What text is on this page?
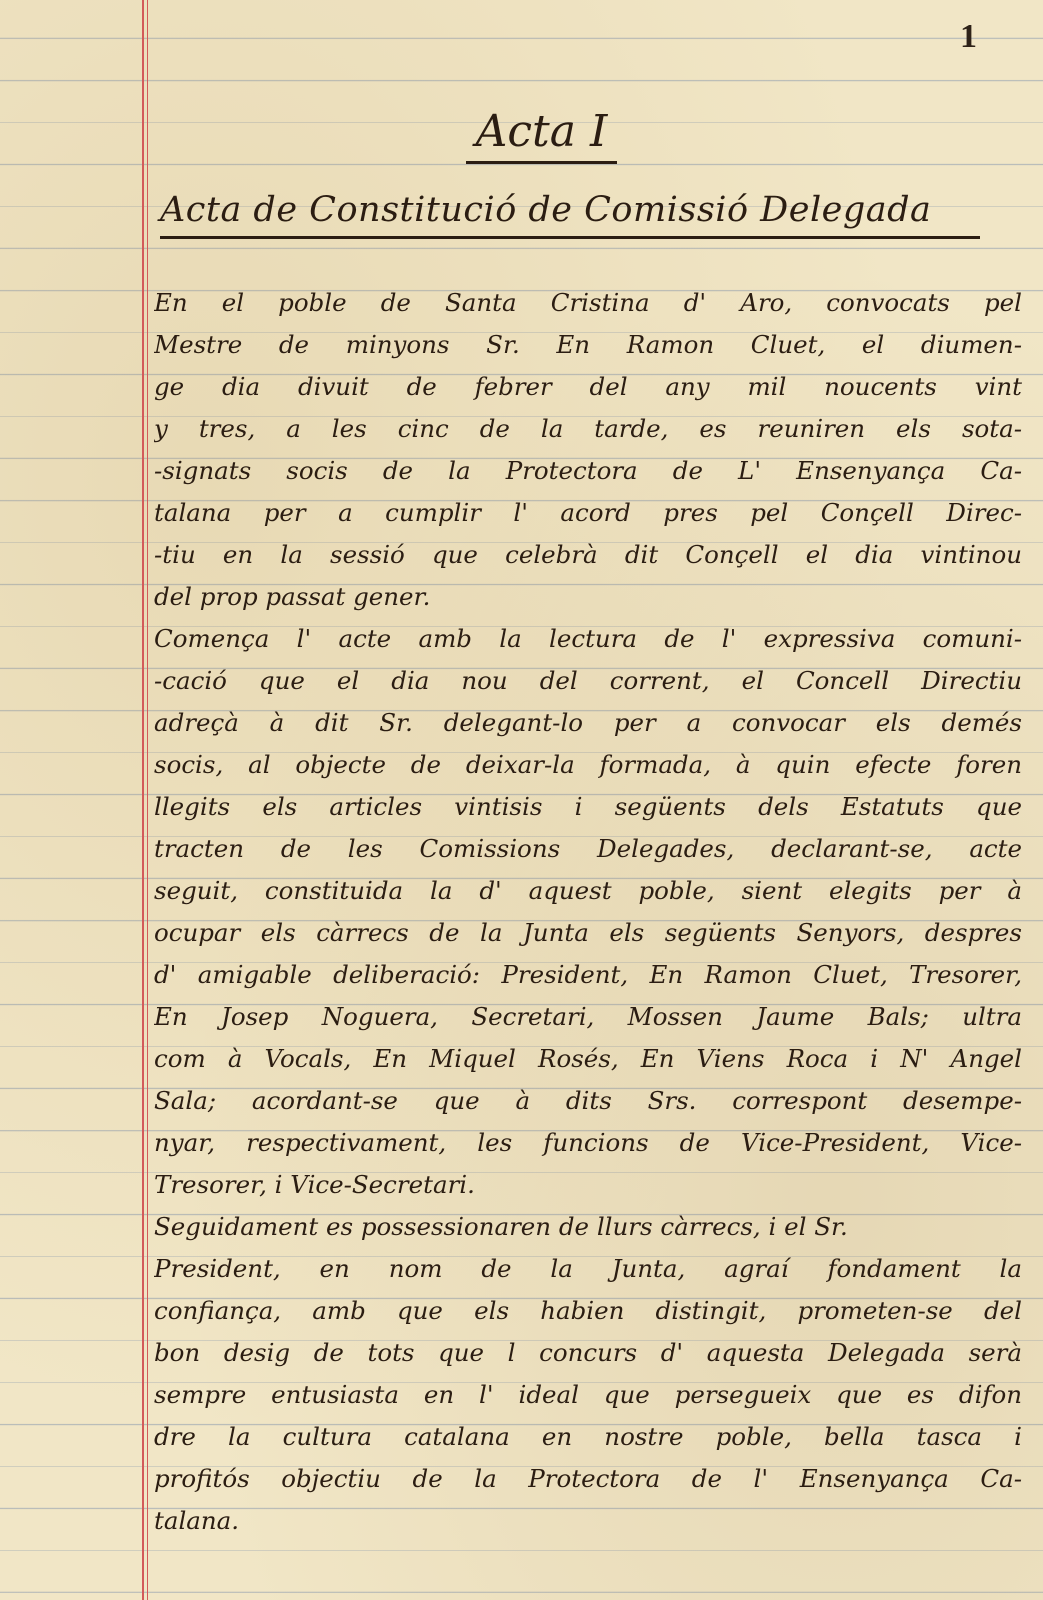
1
Acta I
Acta de Constitució de Comissió Delegada
En el poble de Santa Cristina d' Aro, convocats pel
Mestre de minyons Sr. En Ramon Cluet, el diumen-
ge dia divuit de febrer del any mil noucents vint
y tres, a les cinc de la tarde, es reuniren els sota-
-signats socis de la Protectora de L' Ensenyança Ca-
talana per a cumplir l' acord pres pel Conçell Direc-
-tiu en la sessió que celebrà dit Conçell el dia vintinou
del prop passat gener.
Comença l' acte amb la lectura de l' expressiva comuni-
-cació que el dia nou del corrent, el Concell Directiu
adreçà à dit Sr. delegant-lo per a convocar els demés
socis, al objecte de deixar-la formada, à quin efecte foren
llegits els articles vintisis i següents dels Estatuts que
tracten de les Comissions Delegades, declarant-se, acte
seguit, constituida la d' aquest poble, sient elegits per à
ocupar els càrrecs de la Junta els següents Senyors, despres
d' amigable deliberació: President, En Ramon Cluet, Tresorer,
En Josep Noguera, Secretari, Mossen Jaume Bals; ultra
com à Vocals, En Miquel Rosés, En Viens Roca i N' Angel
Sala; acordant-se que à dits Srs. correspont desempe-
nyar, respectivament, les funcions de Vice-President, Vice-
Tresorer, i Vice-Secretari.
Seguidament es possessionaren de llurs càrrecs, i el Sr.
President, en nom de la Junta, agraí fondament la
confiança, amb que els habien distingit, prometen-se del
bon desig de tots que l concurs d' aquesta Delegada serà
sempre entusiasta en l' ideal que persegueix que es difon
dre la cultura catalana en nostre poble, bella tasca i
profitós objectiu de la Protectora de l' Ensenyança Ca-
talana.
